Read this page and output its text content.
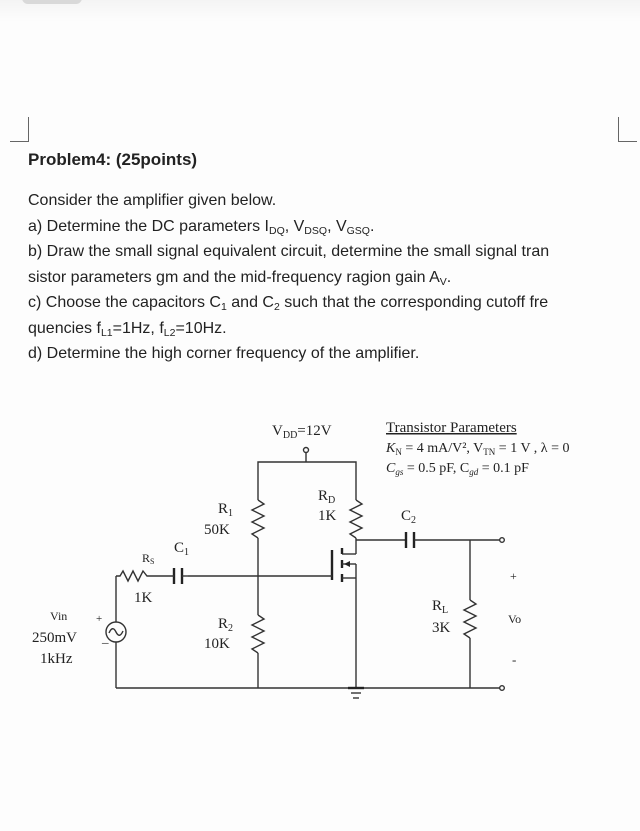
Problem4: (25points)

Consider the amplifier given below.

a) Determine the DC parameters $I_{DQ}$, $V_{DSQ}$, $V_{GSQ}$.

b) Draw the small signal equivalent circuit, determine the small signal tran

sistor parameters gm and the mid-frequency ragion gain $A_V$.

c) Choose the capacitors $C_1$ and $C_2$ such that the corresponding cutoff fre

quencies $f_{L1}=1Hz$, $f_{L2}=10Hz$.

d) Determine the high corner frequency of the amplifier.

$V_{DD}=12V$
$R_1$
50K
$R_D$
1K
Transistor Parameters
$K_N = 4$ mA/V², $V_{TN} = 1$ V , λ = 0
$C_{gs} = 0.5$ pF, $C_{gd} = 0.1$ pF
$R_2$
10K
$C_1$
RS
1K
+
_
Vin
250mV
1kHz
$C_2$
$R_L$
3K
+
Vo
-
